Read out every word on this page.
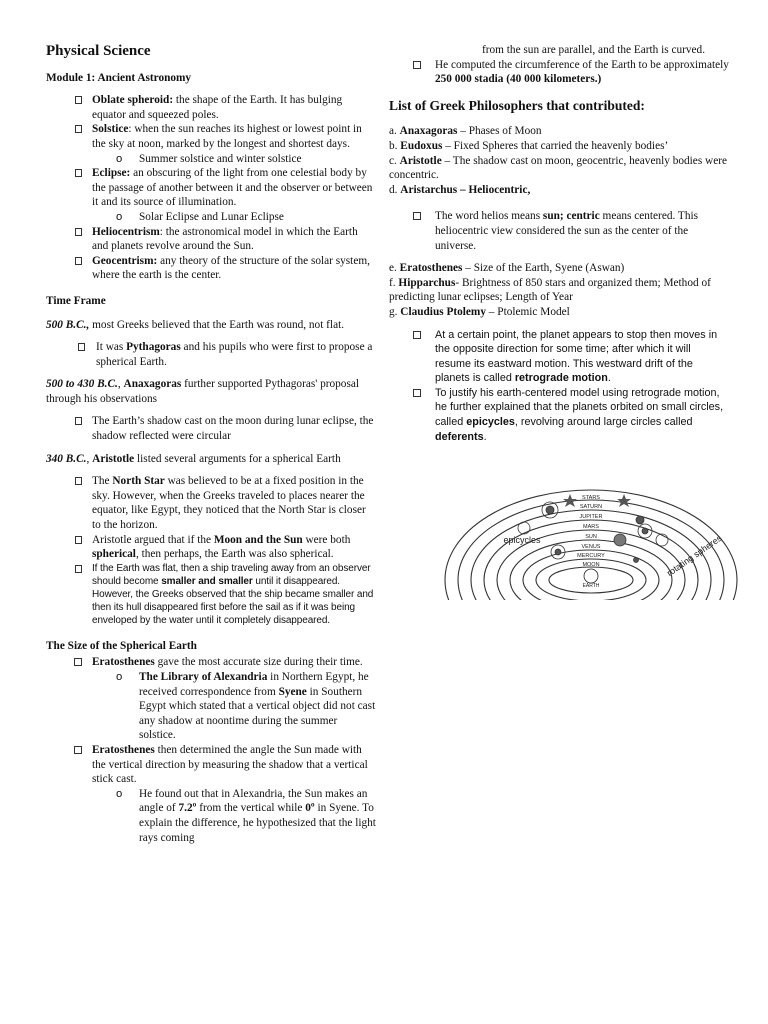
Physical Science
Module 1: Ancient Astronomy
Oblate spheroid: the shape of the Earth. It has bulging equator and squeezed poles.
Solstice: when the sun reaches its highest or lowest point in the sky at noon, marked by the longest and shortest days.
o Summer solstice and winter solstice
Eclipse: an obscuring of the light from one celestial body by the passage of another between it and the observer or between it and its source of illumination.
o Solar Eclipse and Lunar Eclipse
Heliocentrism: the astronomical model in which the Earth and planets revolve around the Sun.
Geocentrism: any theory of the structure of the solar system, where the earth is the center.
Time Frame
500 B.C., most Greeks believed that the Earth was round, not flat.
It was Pythagoras and his pupils who were first to propose a spherical Earth.
500 to 430 B.C., Anaxagoras further supported Pythagoras' proposal through his observations
The Earth’s shadow cast on the moon during lunar eclipse, the shadow reflected were circular
340 B.C., Aristotle listed several arguments for a spherical Earth
The North Star was believed to be at a fixed position in the sky. However, when the Greeks traveled to places nearer the equator, like Egypt, they noticed that the North Star is closer to the horizon.
Aristotle argued that if the Moon and the Sun were both spherical, then perhaps, the Earth was also spherical.
If the Earth was flat, then a ship traveling away from an observer should become smaller and smaller until it disappeared. However, the Greeks observed that the ship became smaller and then its hull disappeared first before the sail as if it was being enveloped by the water until it completely disappeared.
The Size of the Spherical Earth
Eratosthenes gave the most accurate size during their time.
o The Library of Alexandria in Northern Egypt, he received correspondence from Syene in Southern Egypt which stated that a vertical object did not cast any shadow at noontime during the summer solstice.
Eratosthenes then determined the angle the Sun made with the vertical direction by measuring the shadow that a vertical stick cast.
o He found out that in Alexandria, the Sun makes an angle of 7.2º from the vertical while 0º in Syene. To explain the difference, he hypothesized that the light rays coming
from the sun are parallel, and the Earth is curved.
He computed the circumference of the Earth to be approximately 250 000 stadia (40 000 kilometers.)
List of Greek Philosophers that contributed:
a. Anaxagoras – Phases of Moon
b. Eudoxus – Fixed Spheres that carried the heavenly bodies’
c. Aristotle – The shadow cast on moon, geocentric, heavenly bodies were concentric.
d. Aristarchus – Heliocentric,
The word helios means sun; centric means centered. This heliocentric view considered the sun as the center of the universe.
e. Eratosthenes – Size of the Earth, Syene (Aswan)
f. Hipparchus- Brightness of 850 stars and organized them; Method of predicting lunar eclipses; Length of Year
g. Claudius Ptolemy – Ptolemic Model
At a certain point, the planet appears to stop then moves in the opposite direction for some time; after which it will resume its eastward motion. This westward drift of the planets is called retrograde motion.
To justify his earth-centered model using retrograde motion, he further explained that the planets orbited on small circles, called epicycles, revolving around large circles called deferents.
STARS
SATURN
JUPITER
MARS
SUN
VENUS
MERCURY
MOON
EARTH
epicycles	rotating spheres
